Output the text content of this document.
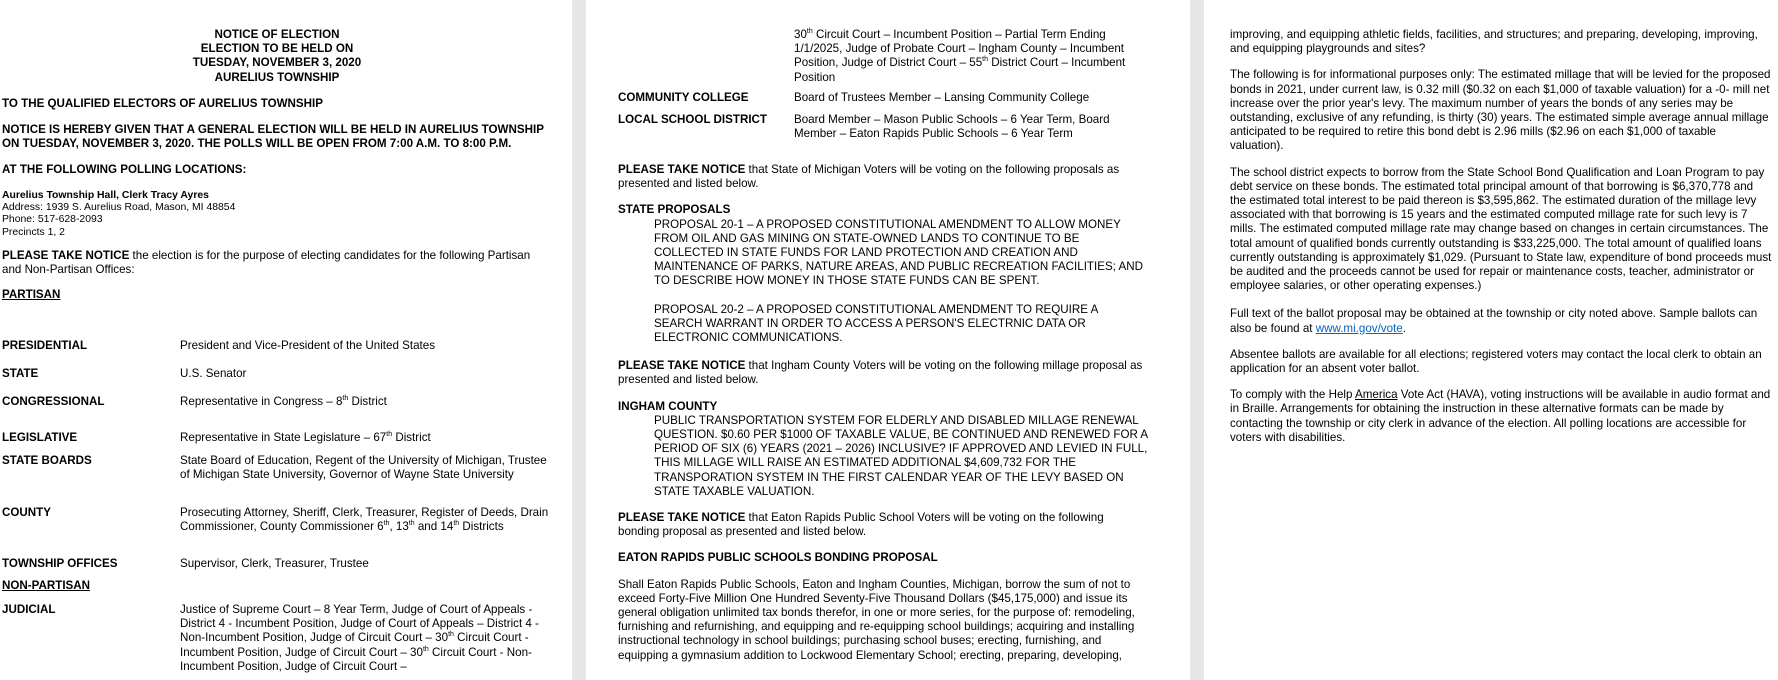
NOTICE OF ELECTION

ELECTION TO BE HELD ON

TUESDAY, NOVEMBER 3, 2020

AURELIUS TOWNSHIP

TO THE QUALIFIED ELECTORS OF AURELIUS TOWNSHIP

NOTICE IS HEREBY GIVEN THAT A GENERAL ELECTION WILL BE HELD IN AURELIUS TOWNSHIP ON TUESDAY, NOVEMBER 3, 2020. THE POLLS WILL BE OPEN FROM 7:00 A.M. TO 8:00 P.M.

AT THE FOLLOWING POLLING LOCATIONS:

Aurelius Township Hall, Clerk Tracy Ayres

Address: 1939 S. Aurelius Road, Mason, MI 48854

Phone: 517-628-2093

Precincts 1, 2

PLEASE TAKE NOTICE the election is for the purpose of electing candidates for the following Partisan and Non-Partisan Offices:

PARTISAN

PRESIDENTIAL	President and Vice-President of the United States

STATE	U.S. Senator

CONGRESSIONAL	Representative in Congress – 8th District

LEGISLATIVE	Representative in State Legislature – 67th District

STATE BOARDS	State Board of Education, Regent of the University of Michigan, Trustee of Michigan State University, Governor of Wayne State University

COUNTY	Prosecuting Attorney, Sheriff, Clerk, Treasurer, Register of Deeds, Drain Commissioner, County Commissioner 6th, 13th and 14th Districts

TOWNSHIP OFFICES	Supervisor, Clerk, Treasurer, Trustee

NON-PARTISAN

JUDICIAL	Justice of Supreme Court – 8 Year Term, Judge of Court of Appeals - District 4 - Incumbent Position, Judge of Court of Appeals – District 4 - Non-Incumbent Position, Judge of Circuit Court – 30th Circuit Court - Incumbent Position, Judge of Circuit Court – 30th Circuit Court - Non-Incumbent Position, Judge of Circuit Court –

30th Circuit Court – Incumbent Position – Partial Term Ending 1/1/2025, Judge of Probate Court – Ingham County – Incumbent Position, Judge of District Court – 55th District Court – Incumbent Position

COMMUNITY COLLEGE	Board of Trustees Member – Lansing Community College

LOCAL SCHOOL DISTRICT Board Member – Mason Public Schools – 6 Year Term, Board Member – Eaton Rapids Public Schools – 6 Year Term

PLEASE TAKE NOTICE that State of Michigan Voters will be voting on the following proposals as presented and listed below.

STATE PROPOSALS

PROPOSAL 20-1 – A PROPOSED CONSTITUTIONAL AMENDMENT TO ALLOW MONEY FROM OIL AND GAS MINING ON STATE-OWNED LANDS TO CONTINUE TO BE COLLECTED IN STATE FUNDS FOR LAND PROTECTION AND CREATION AND MAINTENANCE OF PARKS, NATURE AREAS, AND PUBLIC RECREATION FACILITIES; AND TO DESCRIBE HOW MONEY IN THOSE STATE FUNDS CAN BE SPENT.

PROPOSAL 20-2 – A PROPOSED CONSTITUTIONAL AMENDMENT TO REQUIRE A SEARCH WARRANT IN ORDER TO ACCESS A PERSON'S ELECTRNIC DATA OR ELECTRONIC COMMUNICATIONS.

PLEASE TAKE NOTICE that Ingham County Voters will be voting on the following millage proposal as presented and listed below.

INGHAM COUNTY

PUBLIC TRANSPORTATION SYSTEM FOR ELDERLY AND DISABLED MILLAGE RENEWAL QUESTION. $0.60 PER $1000 OF TAXABLE VALUE, BE CONTINUED AND RENEWED FOR A PERIOD OF SIX (6) YEARS (2021 – 2026) INCLUSIVE? IF APPROVED AND LEVIED IN FULL, THIS MILLAGE WILL RAISE AN ESTIMATED ADDITIONAL $4,609,732 FOR THE TRANSPORATION SYSTEM IN THE FIRST CALENDAR YEAR OF THE LEVY BASED ON STATE TAXABLE VALUATION.

PLEASE TAKE NOTICE that Eaton Rapids Public School Voters will be voting on the following bonding proposal as presented and listed below.

EATON RAPIDS PUBLIC SCHOOLS BONDING PROPOSAL

Shall Eaton Rapids Public Schools, Eaton and Ingham Counties, Michigan, borrow the sum of not to exceed Forty-Five Million One Hundred Seventy-Five Thousand Dollars ($45,175,000) and issue its general obligation unlimited tax bonds therefor, in one or more series, for the purpose of: remodeling, furnishing and refurnishing, and equipping and re-equipping school buildings; acquiring and installing instructional technology in school buildings; purchasing school buses; erecting, furnishing, and equipping a gymnasium addition to Lockwood Elementary School; erecting, preparing, developing,

improving, and equipping athletic fields, facilities, and structures; and preparing, developing, improving, and equipping playgrounds and sites?

The following is for informational purposes only: The estimated millage that will be levied for the proposed bonds in 2021, under current law, is 0.32 mill ($0.32 on each $1,000 of taxable valuation) for a -0- mill net increase over the prior year's levy. The maximum number of years the bonds of any series may be outstanding, exclusive of any refunding, is thirty (30) years. The estimated simple average annual millage anticipated to be required to retire this bond debt is 2.96 mills ($2.96 on each $1,000 of taxable valuation).

The school district expects to borrow from the State School Bond Qualification and Loan Program to pay debt service on these bonds. The estimated total principal amount of that borrowing is $6,370,778 and the estimated total interest to be paid thereon is $3,595,862. The estimated duration of the millage levy associated with that borrowing is 15 years and the estimated computed millage rate for such levy is 7 mills. The estimated computed millage rate may change based on changes in certain circumstances. The total amount of qualified bonds currently outstanding is $33,225,000. The total amount of qualified loans currently outstanding is approximately $1,029. (Pursuant to State law, expenditure of bond proceeds must be audited and the proceeds cannot be used for repair or maintenance costs, teacher, administrator or employee salaries, or other operating expenses.)

Full text of the ballot proposal may be obtained at the township or city noted above. Sample ballots can also be found at www.mi.gov/vote.

Absentee ballots are available for all elections; registered voters may contact the local clerk to obtain an application for an absent voter ballot.

To comply with the Help America Vote Act (HAVA), voting instructions will be available in audio format and in Braille. Arrangements for obtaining the instruction in these alternative formats can be made by contacting the township or city clerk in advance of the election. All polling locations are accessible for voters with disabilities.
